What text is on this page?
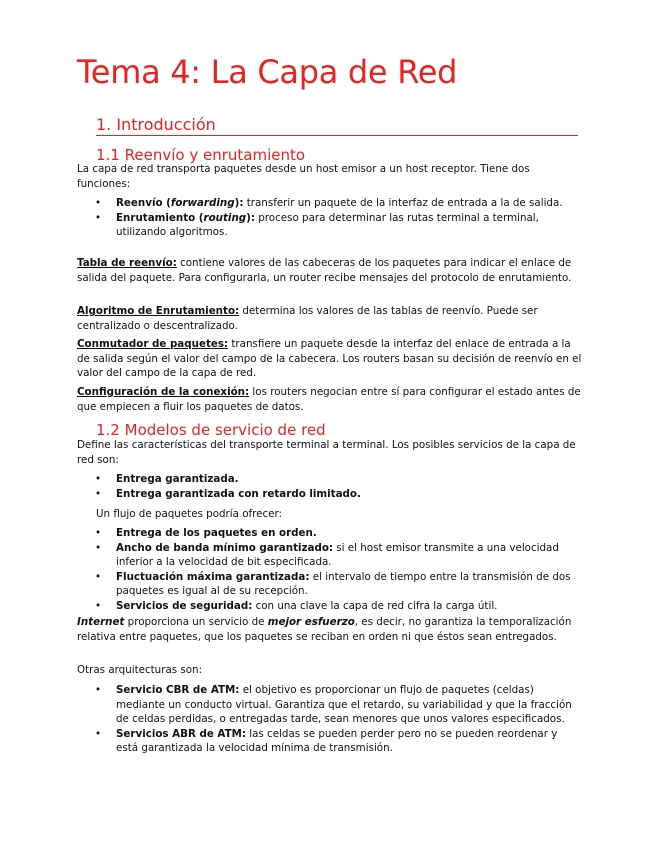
Tema 4: La Capa de Red
1. Introducción
1.1 Reenvío y enrutamiento

La capa de red transporta paquetes desde un host emisor a un host receptor. Tiene dos funciones:

• Reenvío (forwarding): transferir un paquete de la interfaz de entrada a la de salida.
• Enrutamiento (routing): proceso para determinar las rutas terminal a terminal, utilizando algoritmos.

Tabla de reenvío: contiene valores de las cabeceras de los paquetes para indicar el enlace de salida del paquete. Para configurarla, un router recibe mensajes del protocolo de enrutamiento.

Algoritmo de Enrutamiento: determina los valores de las tablas de reenvío. Puede ser centralizado o descentralizado.

Conmutador de paquetes: transfiere un paquete desde la interfaz del enlace de entrada a la de salida según el valor del campo de la cabecera. Los routers basan su decisión de reenvío en el valor del campo de la capa de red.

Configuración de la conexión: los routers negocian entre sí para configurar el estado antes de que empiecen a fluir los paquetes de datos.

1.2 Modelos de servicio de red

Define las características del transporte terminal a terminal. Los posibles servicios de la capa de red son:

• Entrega garantizada.
• Entrega garantizada con retardo limitado.

Un flujo de paquetes podría ofrecer:

• Entrega de los paquetes en orden.
• Ancho de banda mínimo garantizado: si el host emisor transmite a una velocidad inferior a la velocidad de bit especificada.
• Fluctuación máxima garantizada: el intervalo de tiempo entre la transmisión de dos paquetes es igual al de su recepción.
• Servicios de seguridad: con una clave la capa de red cifra la carga útil.

Internet proporciona un servicio de mejor esfuerzo, es decir, no garantiza la temporalización relativa entre paquetes, que los paquetes se reciban en orden ni que éstos sean entregados.

Otras arquitecturas son:

• Servicio CBR de ATM: el objetivo es proporcionar un flujo de paquetes (celdas) mediante un conducto virtual. Garantiza que el retardo, su variabilidad y que la fracción de celdas perdidas, o entregadas tarde, sean menores que unos valores especificados.
• Servicios ABR de ATM: las celdas se pueden perder pero no se pueden reordenar y está garantizada la velocidad mínima de transmisión.
